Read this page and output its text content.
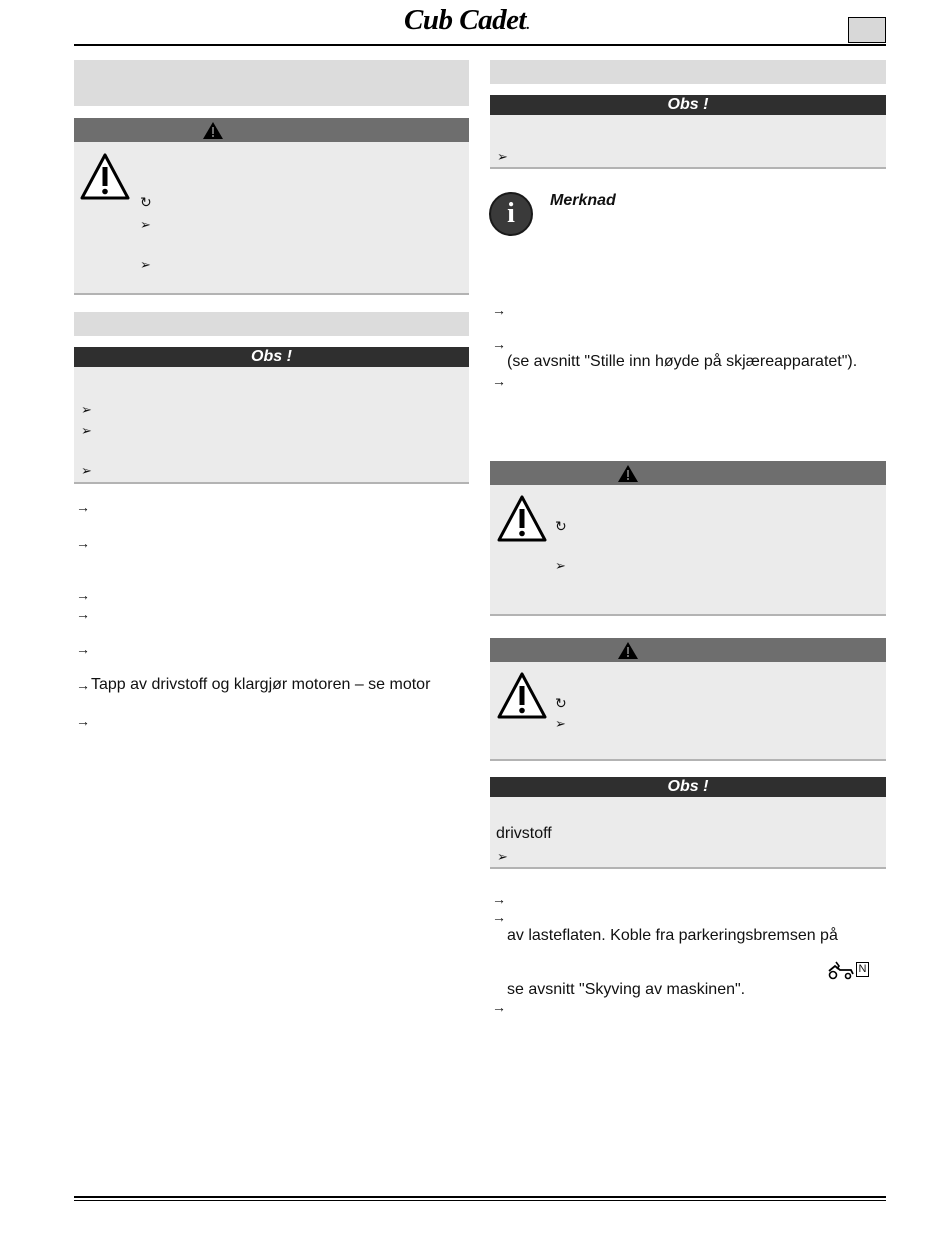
Cub Cadet.
↻
➢
➢
Obs !
➢
➢
➢
→
→
→
→
→
→ Tapp av drivstoff og klargjør motoren – se motor
→
Obs !
➢
i	Merknad
→
→
(se avsnitt "Stille inn høyde på skjæreapparatet").
→
↻
➢
↻
➢
Obs !
drivstoff
➢
→
→
av lasteflaten. Koble fra parkeringsbremsen på
N
se avsnitt "Skyving av maskinen".
→
